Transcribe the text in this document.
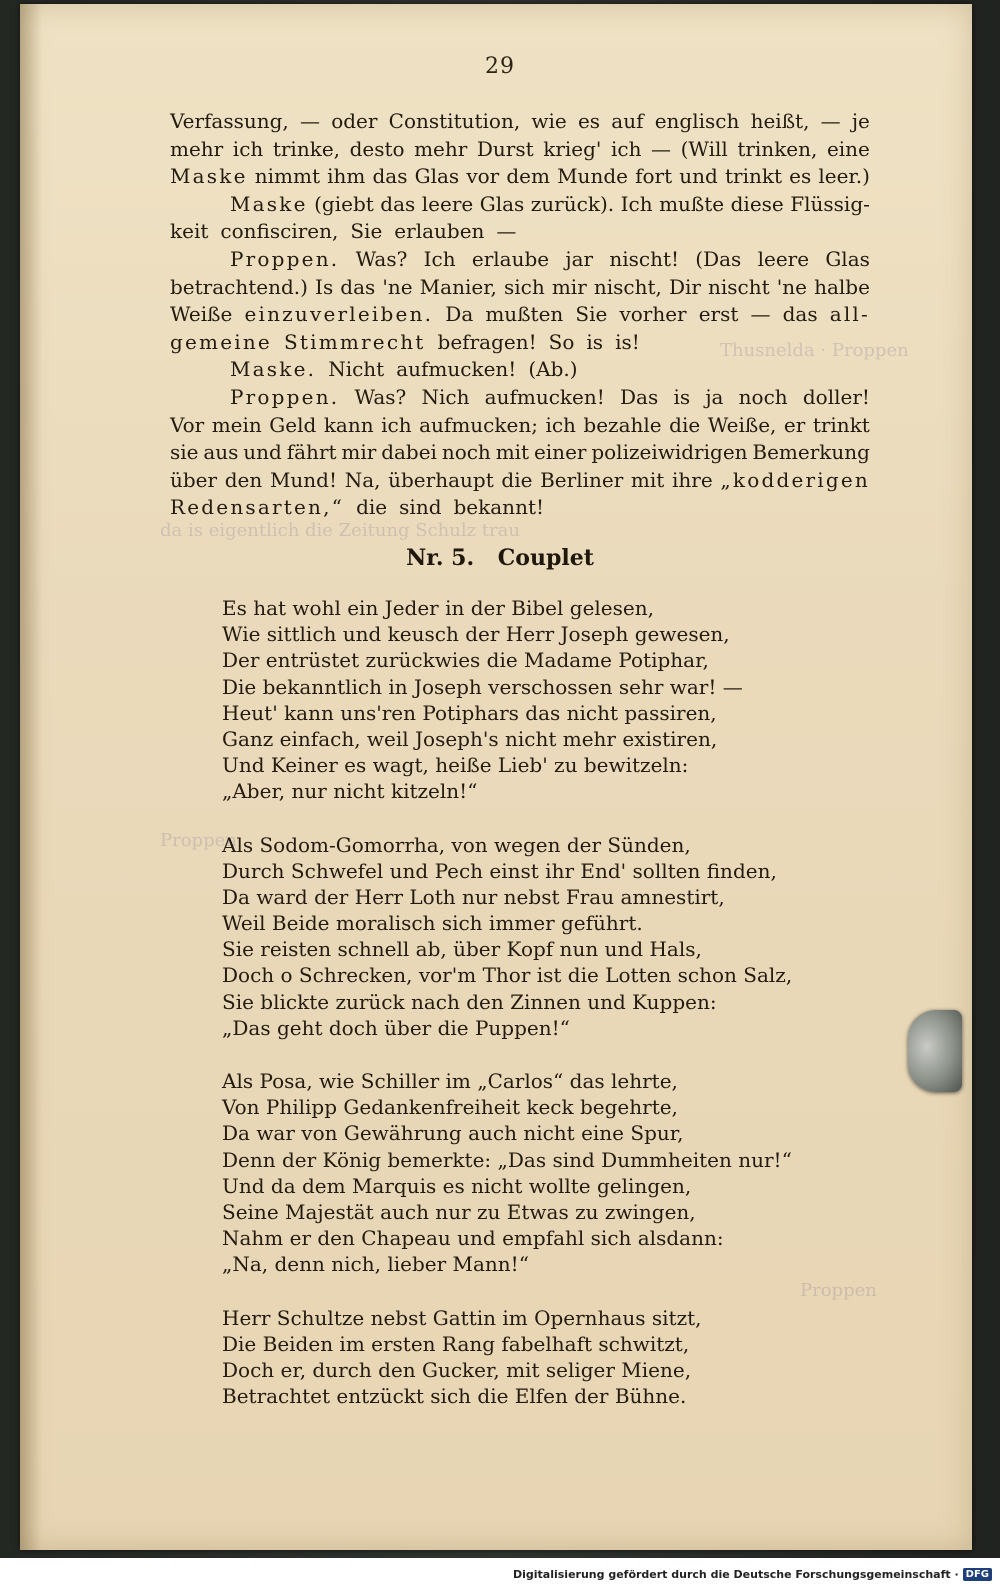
Thusnelda · Proppen
da is eigentlich die Zeitung Schulz trau
Proppen
Proppen
29
Verfassung, — oder Constitution, wie es auf englisch heißt, — je
mehr ich trinke, desto mehr Durst krieg' ich — (Will trinken, eine
Maske nimmt ihm das Glas vor dem Munde fort und trinkt es leer.)
Maske (giebt das leere Glas zurück). Ich mußte diese Flüssig-
keit confisciren, Sie erlauben —
Proppen. Was? Ich erlaube jar nischt! (Das leere Glas
betrachtend.) Is das 'ne Manier, sich mir nischt, Dir nischt 'ne halbe
Weiße einzuverleiben. Da mußten Sie vorher erst — das all-
gemeine Stimmrecht befragen! So is is!
Maske. Nicht aufmucken! (Ab.)
Proppen. Was? Nich aufmucken! Das is ja noch doller!
Vor mein Geld kann ich aufmucken; ich bezahle die Weiße, er trinkt
sie aus und fährt mir dabei noch mit einer polizeiwidrigen Bemerkung
über den Mund! Na, überhaupt die Berliner mit ihre „kodderigen
Redensarten,“ die sind bekannt!
Nr. 5. Couplet
Es hat wohl ein Jeder in der Bibel gelesen,
Wie sittlich und keusch der Herr Joseph gewesen,
Der entrüstet zurückwies die Madame Potiphar,
Die bekanntlich in Joseph verschossen sehr war! —
Heut' kann uns'ren Potiphars das nicht passiren,
Ganz einfach, weil Joseph's nicht mehr existiren,
Und Keiner es wagt, heiße Lieb' zu bewitzeln:
„Aber, nur nicht kitzeln!“
Als Sodom-Gomorrha, von wegen der Sünden,
Durch Schwefel und Pech einst ihr End' sollten finden,
Da ward der Herr Loth nur nebst Frau amnestirt,
Weil Beide moralisch sich immer geführt.
Sie reisten schnell ab, über Kopf nun und Hals,
Doch o Schrecken, vor'm Thor ist die Lotten schon Salz,
Sie blickte zurück nach den Zinnen und Kuppen:
„Das geht doch über die Puppen!“
Als Posa, wie Schiller im „Carlos“ das lehrte,
Von Philipp Gedankenfreiheit keck begehrte,
Da war von Gewährung auch nicht eine Spur,
Denn der König bemerkte: „Das sind Dummheiten nur!“
Und da dem Marquis es nicht wollte gelingen,
Seine Majestät auch nur zu Etwas zu zwingen,
Nahm er den Chapeau und empfahl sich alsdann:
„Na, denn nich, lieber Mann!“
Herr Schultze nebst Gattin im Opernhaus sitzt,
Die Beiden im ersten Rang fabelhaft schwitzt,
Doch er, durch den Gucker, mit seliger Miene,
Betrachtet entzückt sich die Elfen der Bühne.
Digitalisierung gefördert durch die Deutsche Forschungsgemeinschaft · DFG
